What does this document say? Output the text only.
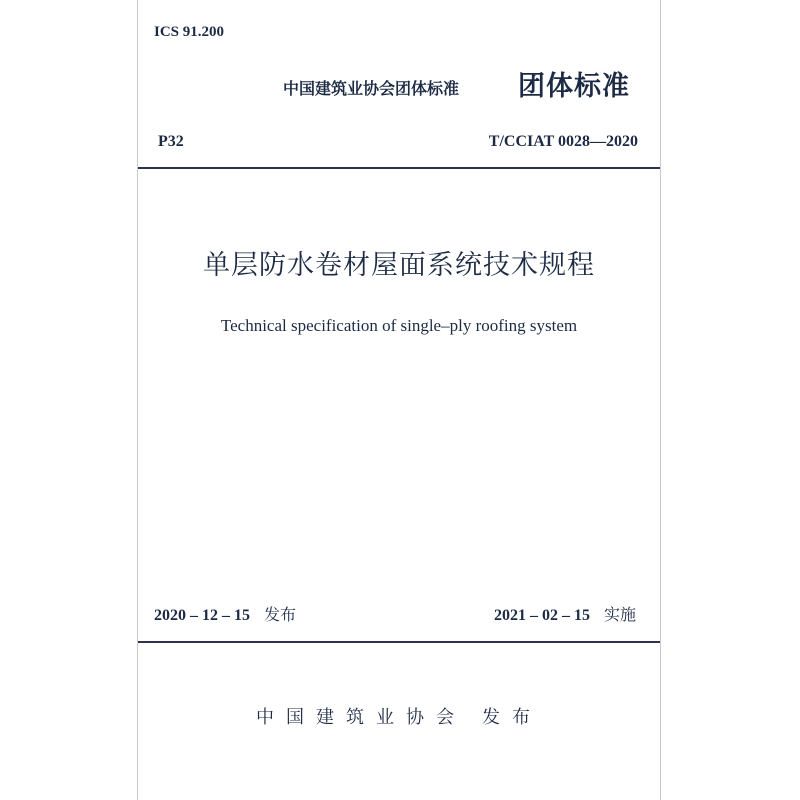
ICS 91.200
中国建筑业协会团体标准 团体标准
P32	T/CCIAT 0028—2020
单层防水卷材屋面系统技术规程
Technical specification of single–ply roofing system
2020 – 12 – 15 发布	2021 – 02 – 15 实施
中国建筑业协会 发布
